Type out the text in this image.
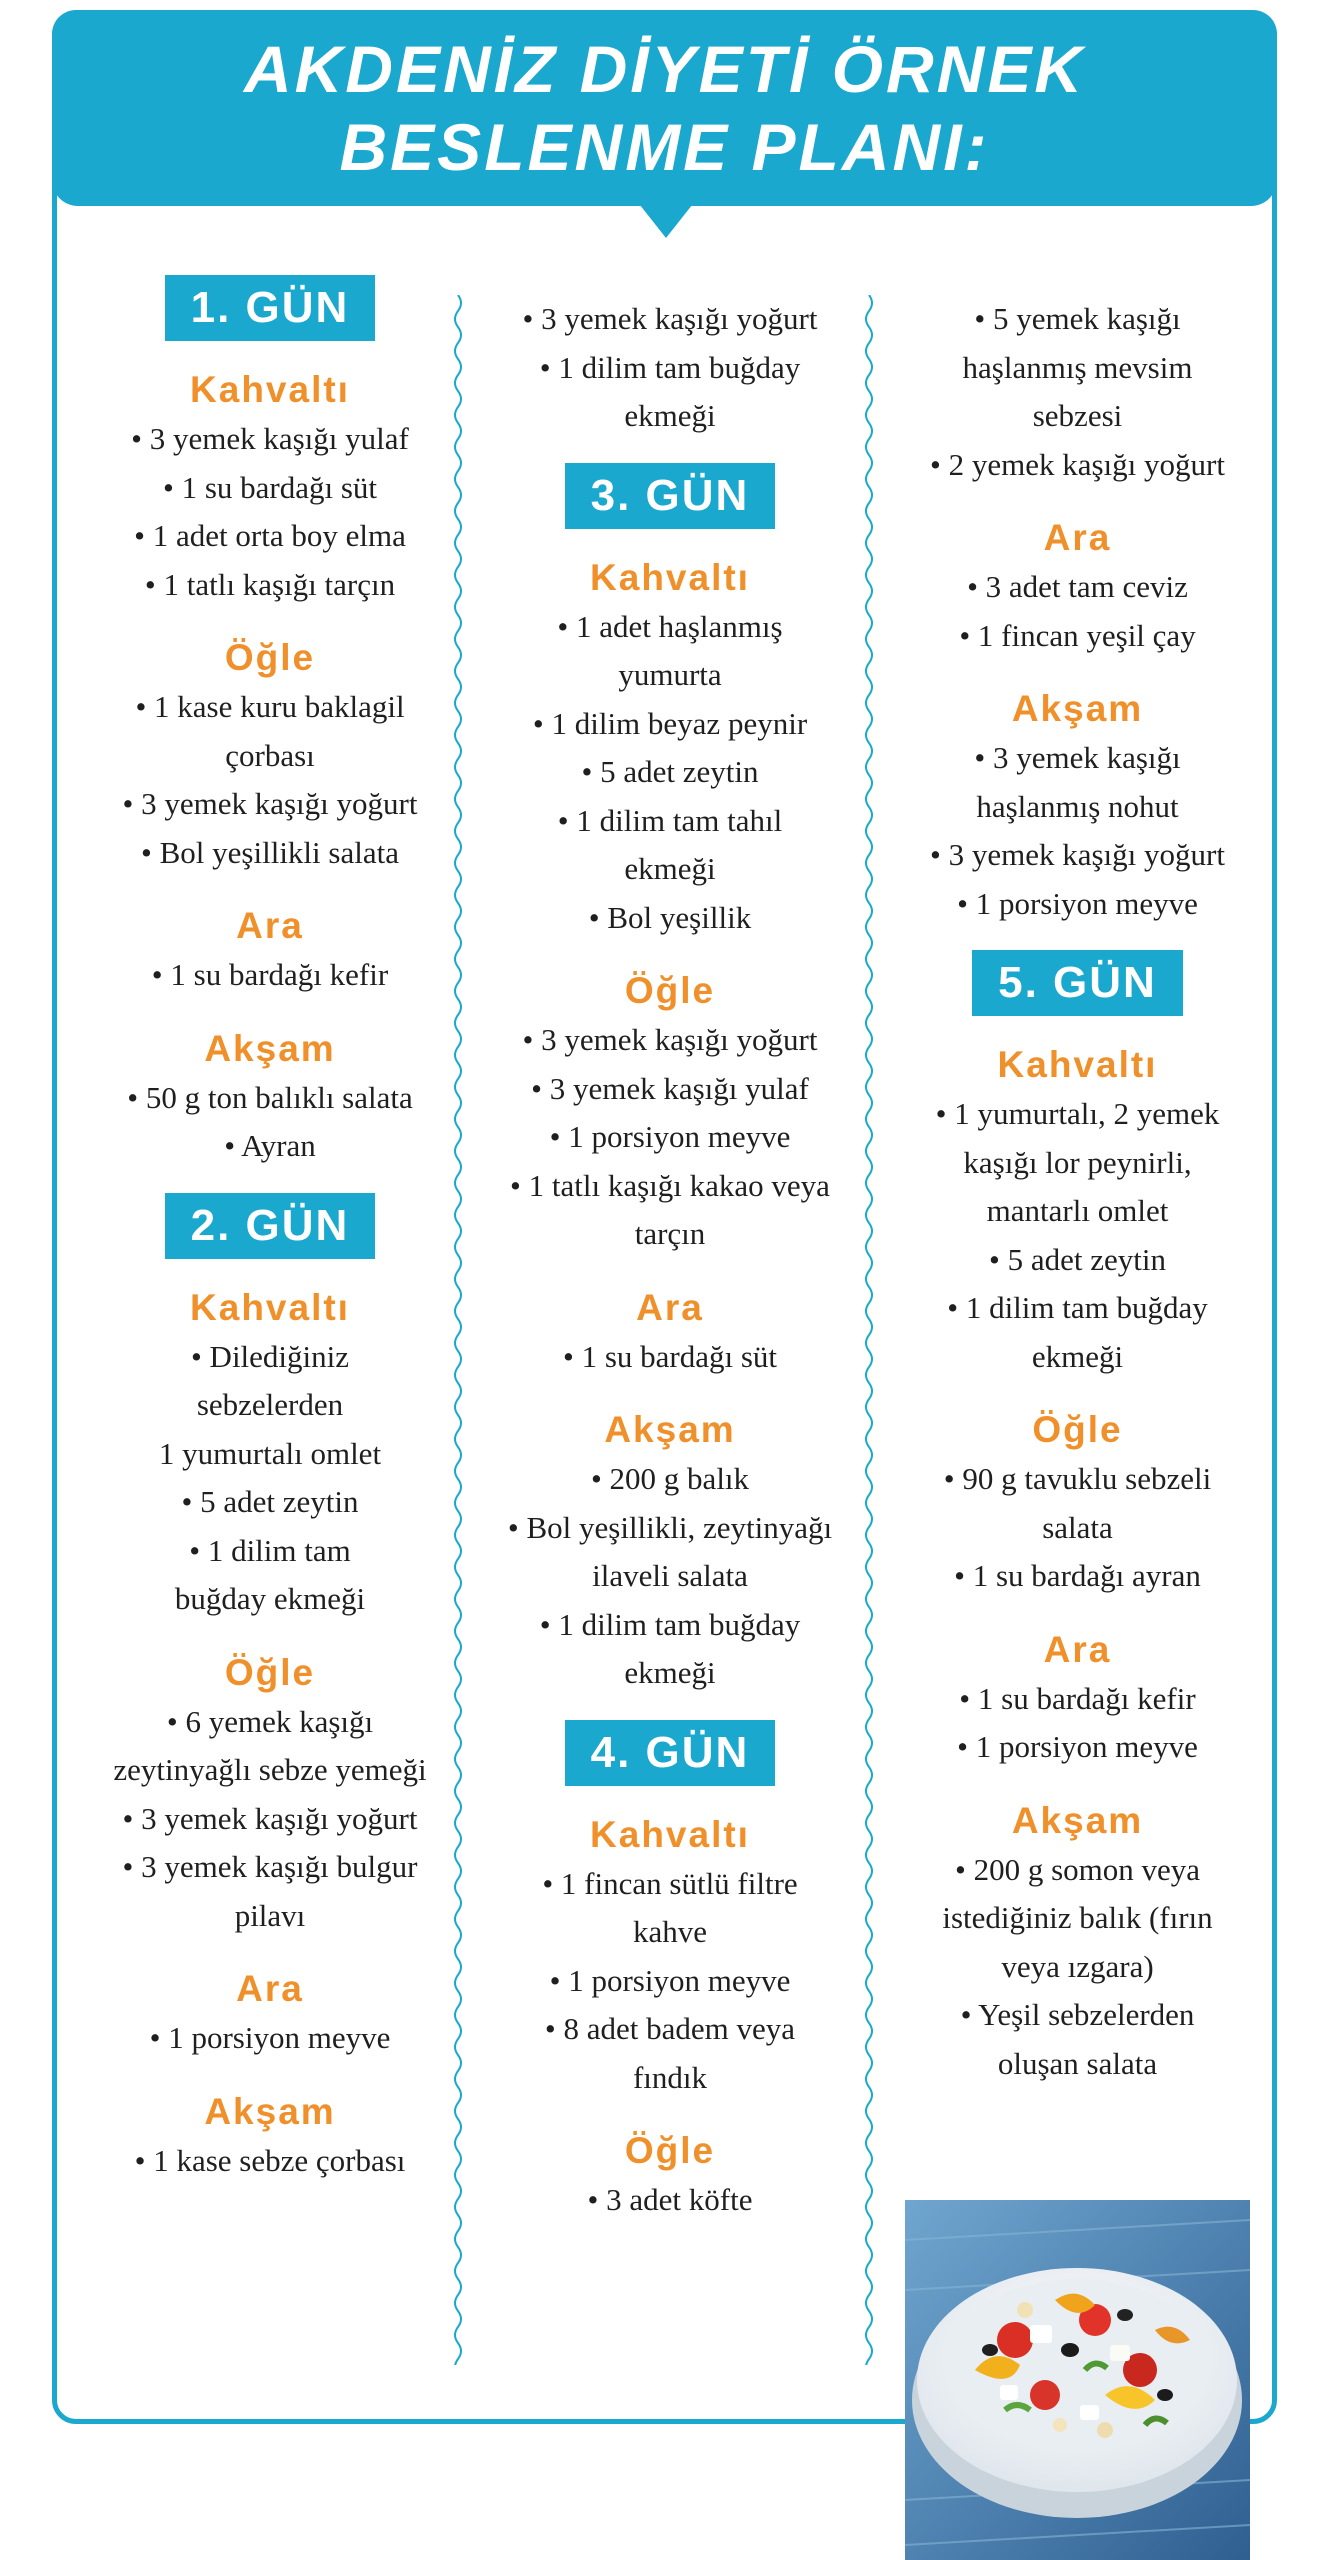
AKDENİZ DİYETİ ÖRNEK
BESLENME PLANI:
1. GÜN
Kahvaltı
• 3 yemek kaşığı yulaf
• 1 su bardağı süt
• 1 adet orta boy elma
• 1 tatlı kaşığı tarçın
Öğle
• 1 kase kuru baklagil
çorbası
• 3 yemek kaşığı yoğurt
• Bol yeşillikli salata
Ara
• 1 su bardağı kefir
Akşam
• 50 g ton balıklı salata
• Ayran
2. GÜN
Kahvaltı
• Dilediğiniz
sebzelerden
1 yumurtalı omlet
• 5 adet zeytin
• 1 dilim tam
buğday ekmeği
Öğle
• 6 yemek kaşığı
zeytinyağlı sebze yemeği
• 3 yemek kaşığı yoğurt
• 3 yemek kaşığı bulgur
pilavı
Ara
• 1 porsiyon meyve
Akşam
• 1 kase sebze çorbası
• 3 yemek kaşığı yoğurt
• 1 dilim tam buğday
ekmeği
3. GÜN
Kahvaltı
• 1 adet haşlanmış
yumurta
• 1 dilim beyaz peynir
• 5 adet zeytin
• 1 dilim tam tahıl
ekmeği
• Bol yeşillik
Öğle
• 3 yemek kaşığı yoğurt
• 3 yemek kaşığı yulaf
• 1 porsiyon meyve
• 1 tatlı kaşığı kakao veya
tarçın
Ara
• 1 su bardağı süt
Akşam
• 200 g balık
• Bol yeşillikli, zeytinyağı
ilaveli salata
• 1 dilim tam buğday
ekmeği
4. GÜN
Kahvaltı
• 1 fincan sütlü filtre
kahve
• 1 porsiyon meyve
• 8 adet badem veya
fındık
Öğle
• 3 adet köfte
• 5 yemek kaşığı
haşlanmış mevsim
sebzesi
• 2 yemek kaşığı yoğurt
Ara
• 3 adet tam ceviz
• 1 fincan yeşil çay
Akşam
• 3 yemek kaşığı
haşlanmış nohut
• 3 yemek kaşığı yoğurt
• 1 porsiyon meyve
5. GÜN
Kahvaltı
• 1 yumurtalı, 2 yemek
kaşığı lor peynirli,
mantarlı omlet
• 5 adet zeytin
• 1 dilim tam buğday
ekmeği
Öğle
• 90 g tavuklu sebzeli
salata
• 1 su bardağı ayran
Ara
• 1 su bardağı kefir
• 1 porsiyon meyve
Akşam
• 200 g somon veya
istediğiniz balık (fırın
veya ızgara)
• Yeşil sebzelerden
oluşan salata
